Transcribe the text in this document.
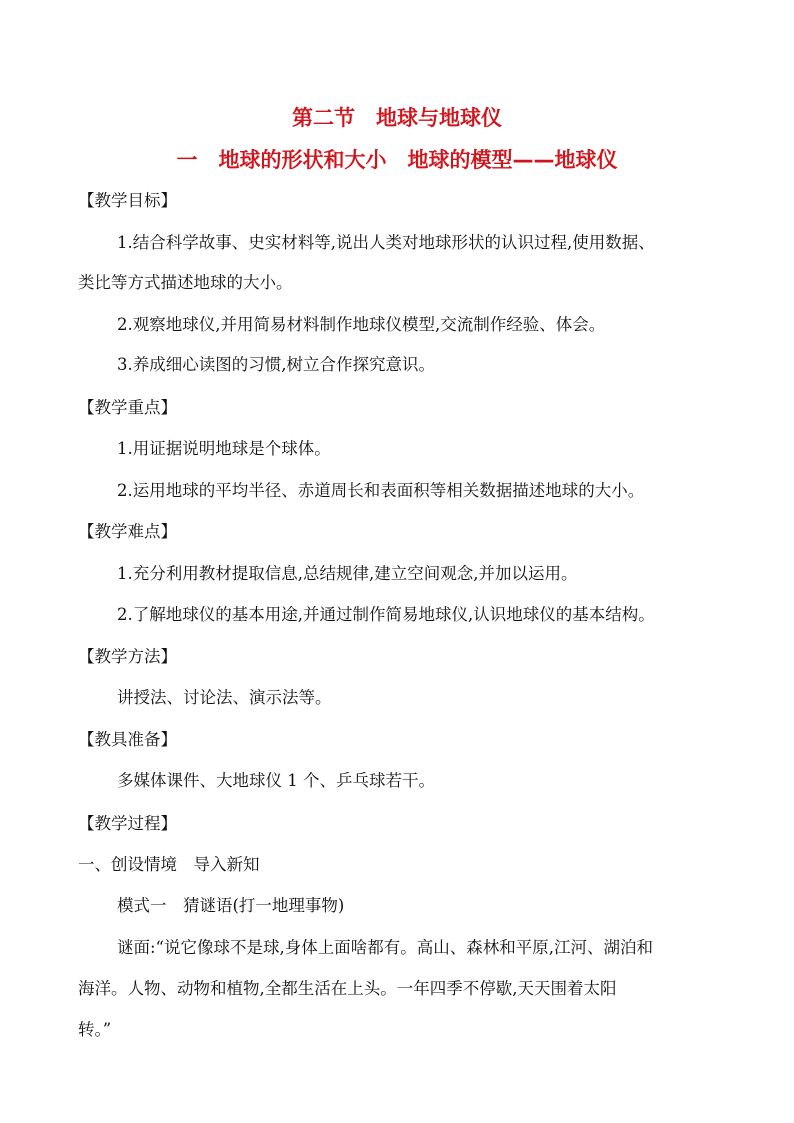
第二节　地球与地球仪
一　地球的形状和大小　地球的模型——地球仪
【教学目标】
1.结合科学故事、史实材料等,说出人类对地球形状的认识过程,使用数据、
类比等方式描述地球的大小。
2.观察地球仪,并用简易材料制作地球仪模型,交流制作经验、体会。
3.养成细心读图的习惯,树立合作探究意识。
【教学重点】
1.用证据说明地球是个球体。
2.运用地球的平均半径、赤道周长和表面积等相关数据描述地球的大小。
【教学难点】
1.充分利用教材提取信息,总结规律,建立空间观念,并加以运用。
2.了解地球仪的基本用途,并通过制作简易地球仪,认识地球仪的基本结构。
【教学方法】
讲授法、讨论法、演示法等。
【教具准备】
多媒体课件、大地球仪 1 个、乒乓球若干。
【教学过程】
一、创设情境　导入新知
模式一　猜谜语(打一地理事物)
谜面:“说它像球不是球,身体上面啥都有。高山、森林和平原,江河、湖泊和
海洋。人物、动物和植物,全都生活在上头。一年四季不停歇,天天围着太阳
转。”
